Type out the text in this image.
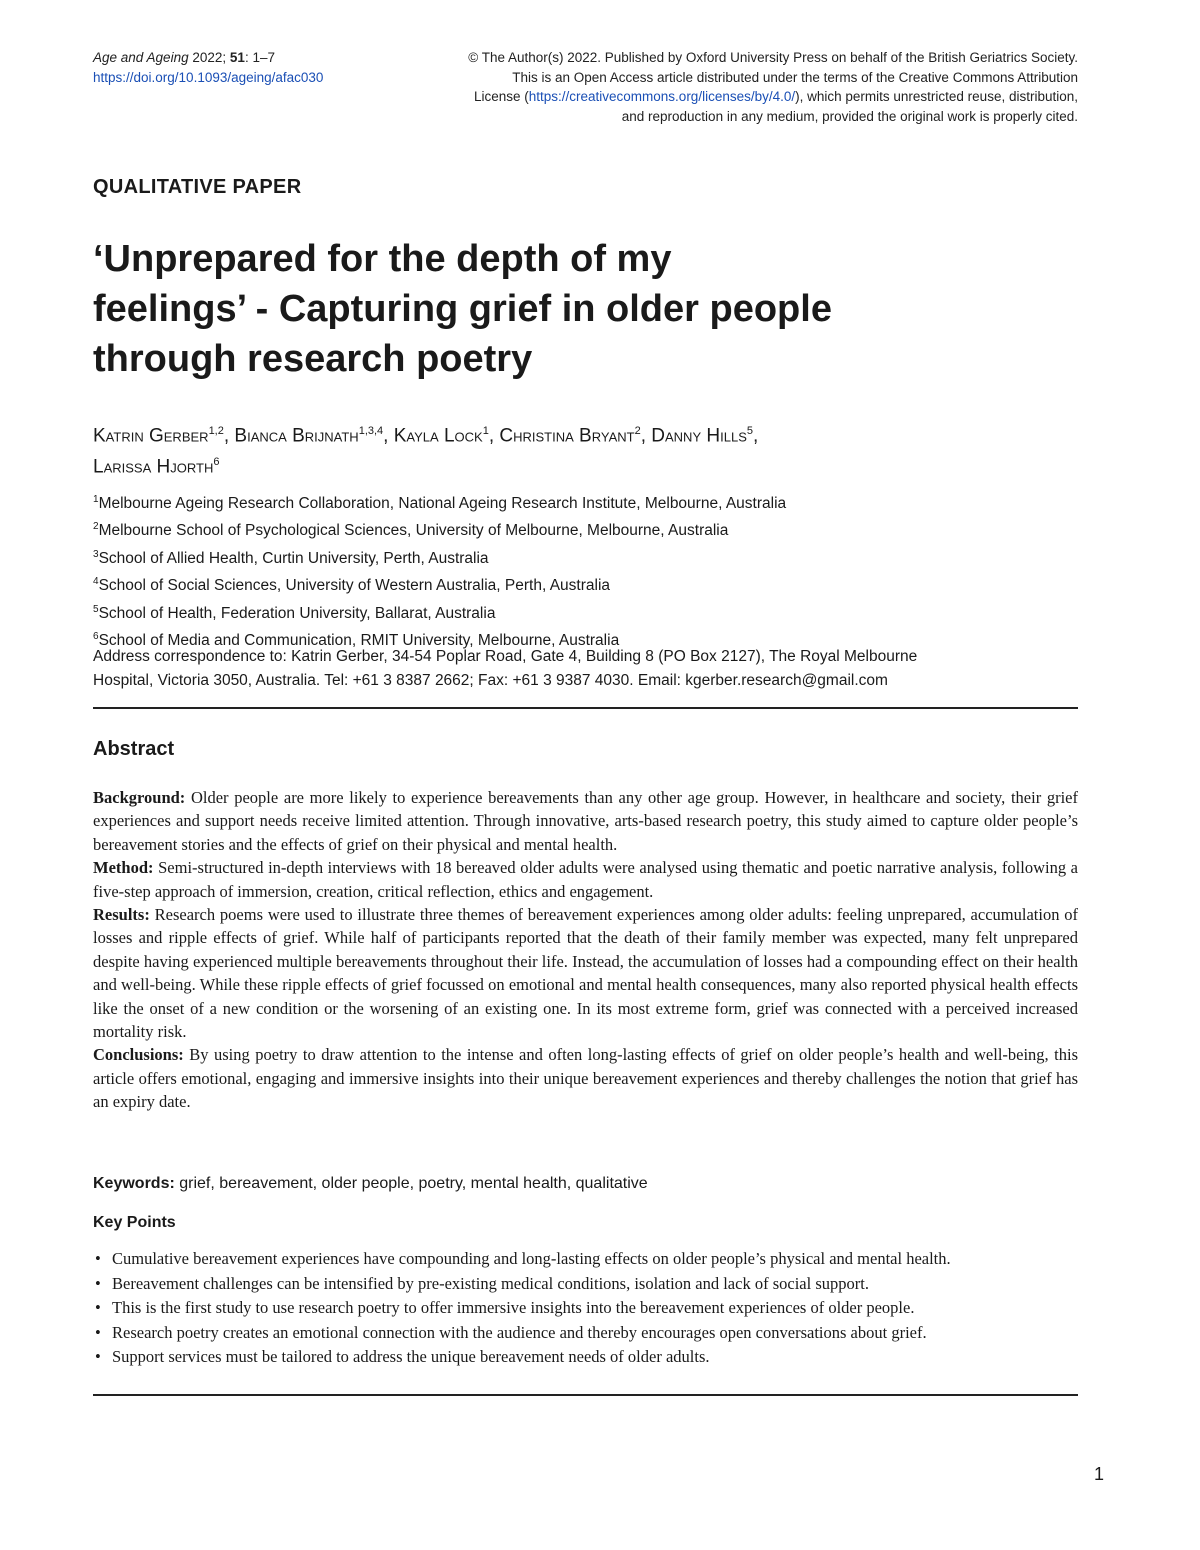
Age and Ageing 2022; 51: 1–7
https://doi.org/10.1093/ageing/afac030
© The Author(s) 2022. Published by Oxford University Press on behalf of the British Geriatrics Society.
This is an Open Access article distributed under the terms of the Creative Commons Attribution
License (https://creativecommons.org/licenses/by/4.0/), which permits unrestricted reuse, distribution,
and reproduction in any medium, provided the original work is properly cited.
QUALITATIVE PAPER
‘Unprepared for the depth of my
feelings’ - Capturing grief in older people
through research poetry
Katrin Gerber$^{1,2}$, Bianca Brijnath$^{1,3,4}$, Kayla Lock$^1$, Christina Bryant$^2$, Danny Hills$^5$,
Larissa Hjorth$^6$
$^1$Melbourne Ageing Research Collaboration, National Ageing Research Institute, Melbourne, Australia
$^2$Melbourne School of Psychological Sciences, University of Melbourne, Melbourne, Australia
$^3$School of Allied Health, Curtin University, Perth, Australia
$^4$School of Social Sciences, University of Western Australia, Perth, Australia
$^5$School of Health, Federation University, Ballarat, Australia
$^6$School of Media and Communication, RMIT University, Melbourne, Australia
Address correspondence to: Katrin Gerber, 34-54 Poplar Road, Gate 4, Building 8 (PO Box 2127), The Royal Melbourne
Hospital, Victoria 3050, Australia. Tel: +61 3 8387 2662; Fax: +61 3 9387 4030. Email: kgerber.research@gmail.com
Abstract

Background: Older people are more likely to experience bereavements than any other age group. However, in healthcare and society, their grief experiences and support needs receive limited attention. Through innovative, arts-based research poetry, this study aimed to capture older people’s bereavement stories and the effects of grief on their physical and mental health.

Method: Semi-structured in-depth interviews with 18 bereaved older adults were analysed using thematic and poetic narrative analysis, following a five-step approach of immersion, creation, critical reflection, ethics and engagement.

Results: Research poems were used to illustrate three themes of bereavement experiences among older adults: feeling unprepared, accumulation of losses and ripple effects of grief. While half of participants reported that the death of their family member was expected, many felt unprepared despite having experienced multiple bereavements throughout their life. Instead, the accumulation of losses had a compounding effect on their health and well-being. While these ripple effects of grief focussed on emotional and mental health consequences, many also reported physical health effects like the onset of a new condition or the worsening of an existing one. In its most extreme form, grief was connected with a perceived increased mortality risk.

Conclusions: By using poetry to draw attention to the intense and often long-lasting effects of grief on older people’s health and well-being, this article offers emotional, engaging and immersive insights into their unique bereavement experiences and thereby challenges the notion that grief has an expiry date.

Keywords: grief, bereavement, older people, poetry, mental health, qualitative
Key Points
• Cumulative bereavement experiences have compounding and long-lasting effects on older people’s physical and mental health.
• Bereavement challenges can be intensified by pre-existing medical conditions, isolation and lack of social support.
• This is the first study to use research poetry to offer immersive insights into the bereavement experiences of older people.
• Research poetry creates an emotional connection with the audience and thereby encourages open conversations about grief.
• Support services must be tailored to address the unique bereavement needs of older adults.
1
